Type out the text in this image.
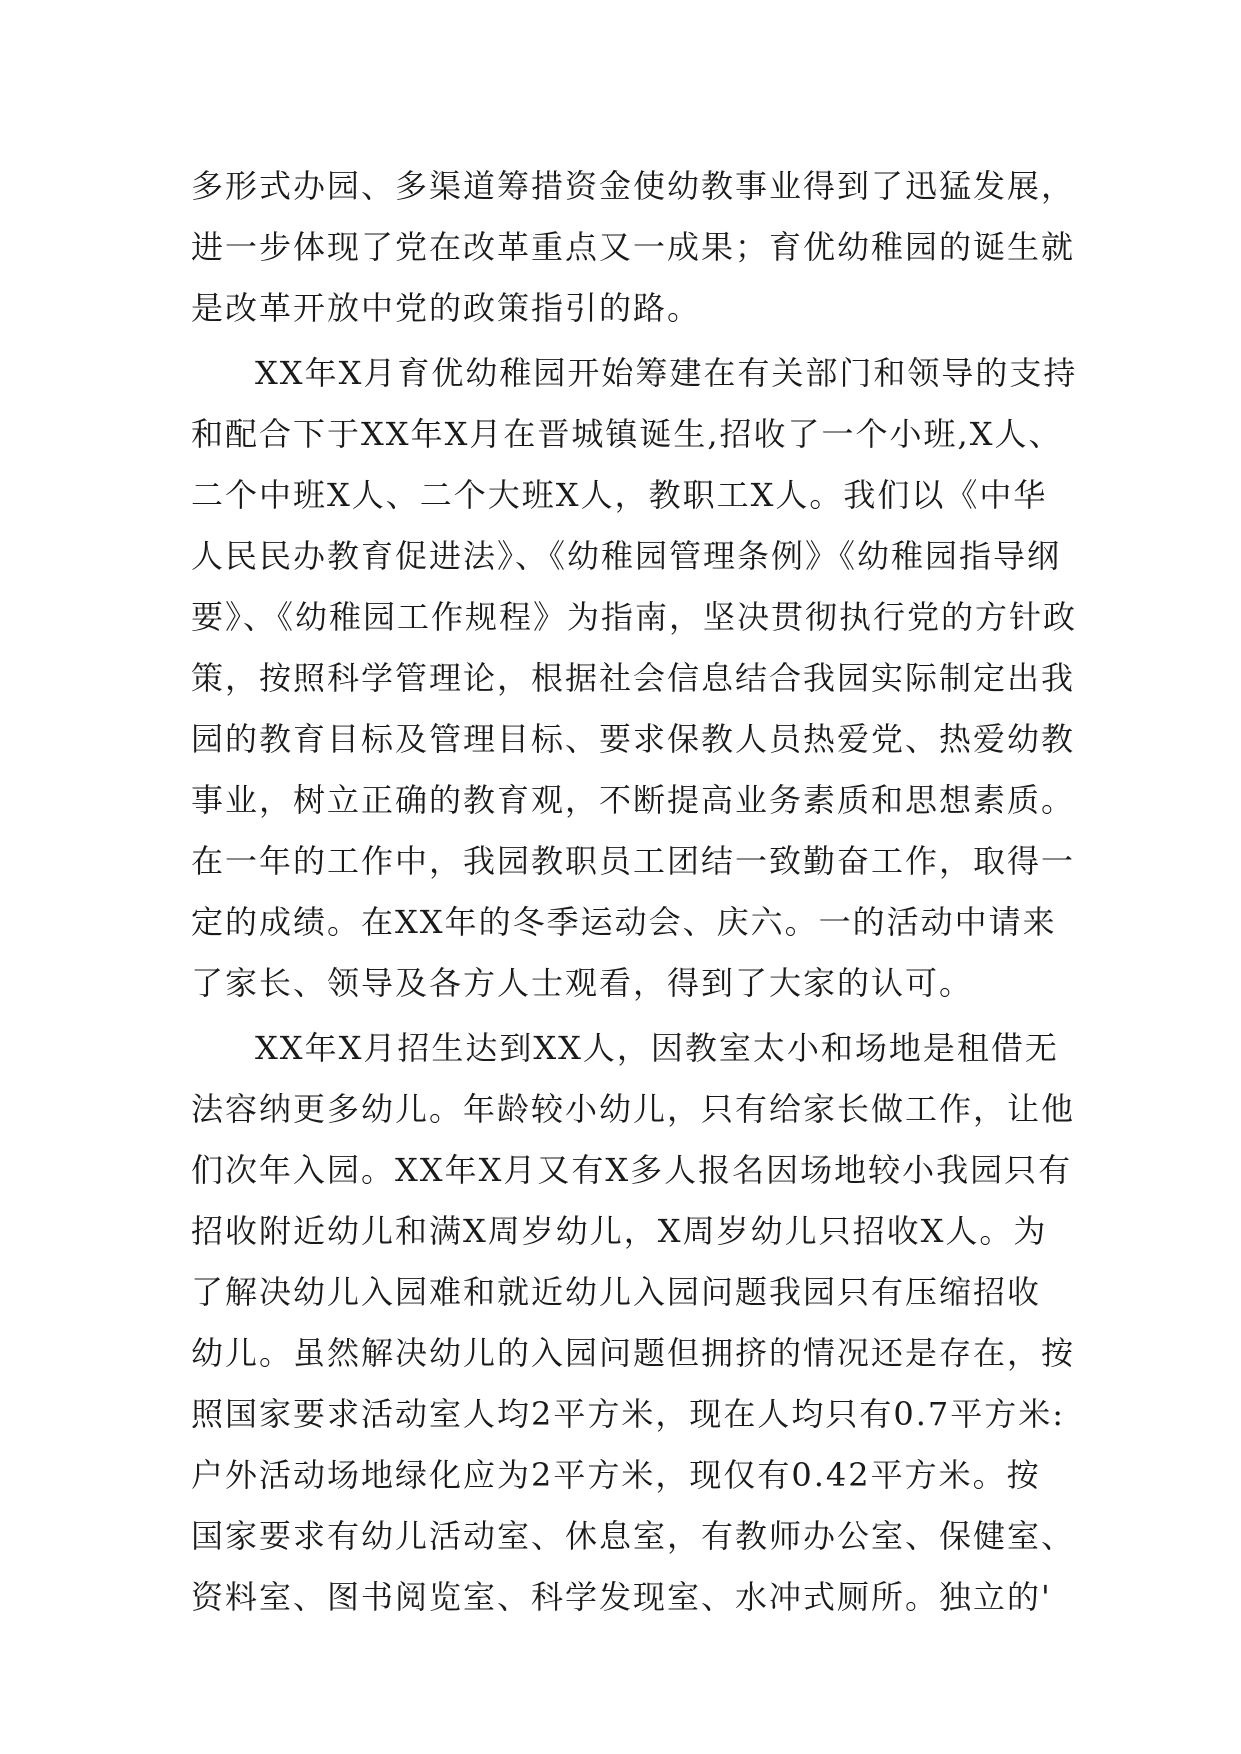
多形式办园、多渠道筹措资金使幼教事业得到了迅猛发展，
进一步体现了党在改革重点又一成果；育优幼稚园的诞生就
是改革开放中党的政策指引的路。
XX年X月育优幼稚园开始筹建在有关部门和领导的支持
和配合下于XX年X月在晋城镇诞生,招收了一个小班,X人、
二个中班X人、二个大班X人，教职工X人。我们以《中华
人民民办教育促进法》、《幼稚园管理条例》《幼稚园指导纲
要》、《幼稚园工作规程》为指南，坚决贯彻执行党的方针政
策，按照科学管理论，根据社会信息结合我园实际制定出我
园的教育目标及管理目标、要求保教人员热爱党、热爱幼教
事业，树立正确的教育观，不断提高业务素质和思想素质。
在一年的工作中，我园教职员工团结一致勤奋工作，取得一
定的成绩。在XX年的冬季运动会、庆六。一的活动中请来
了家长、领导及各方人士观看，得到了大家的认可。
XX年X月招生达到XX人，因教室太小和场地是租借无
法容纳更多幼儿。年龄较小幼儿，只有给家长做工作，让他
们次年入园。XX年X月又有X多人报名因场地较小我园只有
招收附近幼儿和满X周岁幼儿，X周岁幼儿只招收X人。为
了解决幼儿入园难和就近幼儿入园问题我园只有压缩招收
幼儿。虽然解决幼儿的入园问题但拥挤的情况还是存在，按
照国家要求活动室人均2平方米，现在人均只有0.7平方米:
户外活动场地绿化应为2平方米，现仅有0.42平方米。按
国家要求有幼儿活动室、休息室，有教师办公室、保健室、
资料室、图书阅览室、科学发现室、水冲式厕所。独立的'
